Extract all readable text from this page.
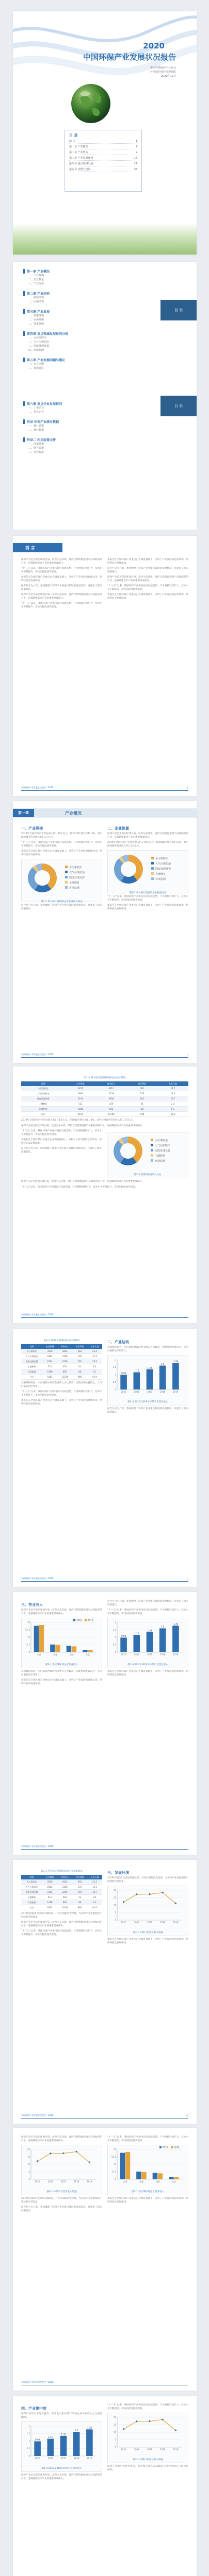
2020
中国环保产业发展状况报告
中国环境保护产业协会
环境保护部环境规划院
2020年12月
目 录
前 言	1
第一章 产业概况	2
第二章 产业结构	9
第三章 产业发展环境	16
第四章 重点领域发展	22
第五章 问题与建议	35
目 录
目 录
第一章 产业概况
一、产业规模
二、企业数量
三、产业分布
第二章 产业结构
一、领域结构
二、区域结构
第三章 产业发展
一、政策环境
二、市场环境
三、技术环境
第四章 重点领域发展状况分析
一、水污染防治
二、大气污染防治
三、固废处理处置
四、环境监测
第五章 产业发展问题与建议
一、存在问题
二、发展建议
第六章 重点企业发展状况
一、上市企业
二、重点企业
附录 环保产业统计数据
一、统计说明
二、统计数据
附录二 相关政策文件
一、国家政策
二、地方政策
三、行业标准
前 言

环保产业是为防治环境污染、改善生态环境、保护自然资源提供产品和服务的产业，是战略性新兴产业的重要组成部分。

“十三五”以来，我国环保产业保持良好发展态势，产业规模持续扩大，技术水平不断提升，市场化程度逐步提高。

本报告在全国环保产业重点企业调查基础上，分析了产业发展的总体状况、结构特征及发展环境。

报告共分为六章，系统梳理了环保产业各重点领域的发展状况，并提出了相关政策建议。

环保产业是为防治环境污染、改善生态环境、保护自然资源提供产品和服务的产业，是战略性新兴产业的重要组成部分。

“十三五”以来，我国环保产业保持良好发展态势，产业规模持续扩大，技术水平不断提升，市场化程度逐步提高。

本报告在全国环保产业重点企业调查基础上，分析了产业发展的总体状况、结构特征及发展环境。

报告共分为六章，系统梳理了环保产业各重点领域的发展状况，并提出了相关政策建议。

环保产业是为防治环境污染、改善生态环境、保护自然资源提供产品和服务的产业，是战略性新兴产业的重要组成部分。

“十三五”以来，我国环保产业保持良好发展态势，产业规模持续扩大，技术水平不断提升，市场化程度逐步提高。

本报告在全国环保产业重点企业调查基础上，分析了产业发展的总体状况、结构特征及发展环境。

中国环保产业发展状况报告（2020）	1
第一章	产业概况
一、产业规模

2019年全国环保产业营业收入约1.78万亿元，较2018年增长约11.3%，其中环境服务营业收入约1.1万亿元。

“十三五”以来，我国环保产业保持良好发展态势，产业规模持续扩大，技术水平不断提升，市场化程度逐步提高。

本报告在全国环保产业重点企业调查基础上，分析了产业发展的总体状况、结构特征及发展环境。

水污染防治
大气污染防治
固废处理处置
土壤修复
环境监测
图1-1 列入统计范围的企业营业收入构成

报告共分为六章，系统梳理了环保产业各重点领域的发展状况，并提出了相关政策建议。

二、企业数量

环保产业是为防治环境污染、改善生态环境、保护自然资源提供产品和服务的产业，是战略性新兴产业的重要组成部分。

2019年全国环保产业营业收入约1.78万亿元，较2018年增长约11.3%，其中环境服务营业收入约1.1万亿元。

水污染防治
大气污染防治
固废处理处置
土壤修复
环境监测
图1-2 列入统计范围的企业数量分布

“十三五”以来，我国环保产业保持良好发展态势，产业规模持续扩大，技术水平不断提升，市场化程度逐步提高。

本报告在全国环保产业重点企业调查基础上，分析了产业发展的总体状况、结构特征及发展环境。

中国环保产业发展状况报告（2020）	3
表1-1 列入统计范围的环保企业基本情况
类别	企业数量	营业收入	营业利润	从业人数
水污染防治	3216	4412	362	21.5
大气污染防治	1862	2158	176	12.3
固废处理处置	2104	3296	291	18.7
土壤修复	512	426	31	2.4
环境监测	1408	892	88	6.1
合计	9102	11184	948	61.0

2019年全国环保产业营业收入约1.78万亿元，较2018年增长约11.3%，其中环境服务营业收入约1.1万亿元。

环保产业是为防治环境污染、改善生态环境、保护自然资源提供产品和服务的产业，是战略性新兴产业的重要组成部分。

“十三五”以来，我国环保产业保持良好发展态势，产业规模持续扩大，技术水平不断提升，市场化程度逐步提高。

本报告在全国环保产业重点企业调查基础上，分析了产业发展的总体状况、结构特征及发展环境。

报告共分为六章，系统梳理了环保产业各重点领域的发展状况，并提出了相关政策建议。

水污染防治
大气污染防治
固废处理处置
土壤修复
环境监测
图1-3 各领域营业收入占比

环保产业是为防治环境污染、改善生态环境、保护自然资源提供产品和服务的产业，是战略性新兴产业的重要组成部分。

“十三五”以来，我国环保产业保持良好发展态势，产业规模持续扩大，技术水平不断提升，市场化程度逐步提高。

中国环保产业发展状况报告（2020）
表2-1 2019年各领域企业经营情况
类别	企业数量	营业收入	营业利润	从业人数
水污染防治	3216	4412	362	21.5
大气污染防治	1862	2158	176	12.3
固废处理处置	2104	3296	291	18.7
土壤修复	512	426	31	2.4
环境监测	1408	892	88	6.1
合计	9102	11184	948	61.0

从领域结构看，水污染防治领域营业收入占比最高，固废处理处置次之，大气污染防治位列第三。

“十三五”以来，我国环保产业保持良好发展态势，产业规模持续扩大，技术水平不断提升，市场化程度逐步提高。

本报告在全国环保产业重点企业调查基础上，分析了产业发展的总体状况、结构特征及发展环境。

二、产业结构

从领域结构看，水污染防治领域营业收入占比最高，固废处理处置次之，大气污染防治位列第三。

0
0.5
1
1.5
2
0.98
2015
1.15
2016
1.35
2017
1.6
2018
1.78
2019
图1-4 2015-2019年环保产业营业收入

报告共分为六章，系统梳理了环保产业各重点领域的发展状况，并提出了相关政策建议。

中国环保产业发展状况报告（2020）	9
三、营业收入

环保产业是为防治环境污染、改善生态环境、保护自然资源提供产品和服务的产业，是战略性新兴产业的重要组成部分。

0
17.5
35
52.5
70
2018	2019
东部	中部	西部	东北
图2-1 各区域环保企业营业收入

从领域结构看，水污染防治领域营业收入占比最高，固废处理处置次之，大气污染防治位列第三。

本报告在全国环保产业重点企业调查基础上，分析了产业发展的总体状况、结构特征及发展环境。

报告共分为六章，系统梳理了环保产业各重点领域的发展状况，并提出了相关政策建议。

“十三五”以来，我国环保产业保持良好发展态势，产业规模持续扩大，技术水平不断提升，市场化程度逐步提高。

0
0.5
1
1.5
2
0.98
2015
1.15
2016
1.35
2017
1.6
2018
1.78
2019
图1-4 2015-2019年环保产业营业收入

本报告在全国环保产业重点企业调查基础上，分析了产业发展的总体状况、结构特征及发展环境。

中国环保产业发展状况报告（2020）
表1-1 列入统计范围的环保企业基本情况
类别	企业数量	营业收入	营业利润	从业人数
水污染防治	3216	4412	362	21.5
大气污染防治	1862	2158	176	12.3
固废处理处置	2104	3296	291	18.7
土壤修复	512	426	31	2.4
环境监测	1408	892	88	6.1
合计	9102	11184	948	61.0

2019年国家出台多项环保政策，打好污染防治攻坚战，为环保产业发展提供了持续的市场需求。

环保产业是为防治环境污染、改善生态环境、保护自然资源提供产品和服务的产业，是战略性新兴产业的重要组成部分。

“十三五”以来，我国环保产业保持良好发展态势，产业规模持续扩大，技术水平不断提升，市场化程度逐步提高。

三、发展环境

2019年国家出台多项环保政策，打好污染防治攻坚战，为环保产业发展提供了持续的市场需求。

0
5
10
15
20
2015	2016	2017	2018	2019
图3-1 环保产业营业收入增速

本报告在全国环保产业重点企业调查基础上，分析了产业发展的总体状况、结构特征及发展环境。

中国环保产业发展状况报告（2020）	16

环保产业是为防治环境污染、改善生态环境、保护自然资源提供产品和服务的产业，是战略性新兴产业的重要组成部分。

0
5
10
15
20
2015	2016	2017	2018	2019
图3-1 环保产业营业收入增速

2019年国家出台多项环保政策，打好污染防治攻坚战，为环保产业发展提供了持续的市场需求。

报告共分为六章，系统梳理了环保产业各重点领域的发展状况，并提出了相关政策建议。

“十三五”以来，我国环保产业保持良好发展态势，产业规模持续扩大，技术水平不断提升，市场化程度逐步提高。

0
17.5
35
52.5
70
2018	2019
东部	中部	西部	东北
图2-1 各区域环保企业营业收入

本报告在全国环保产业重点企业调查基础上，分析了产业发展的总体状况、结构特征及发展环境。

中国环保产业发展状况报告（2020）
四、产业集中度

环保产业集中度逐步提升，营业收入排名前10%的企业营业收入占比超过80%。

0
0.5
1
1.5
2
0.98
2015
1.15
2016
1.35
2017
1.6
2018
1.78
2019
图1-4 2015-2019年环保产业营业收入

环保产业是为防治环境污染、改善生态环境、保护自然资源提供产品和服务的产业，是战略性新兴产业的重要组成部分。

“十三五”以来，我国环保产业保持良好发展态势，产业规模持续扩大，技术水平不断提升，市场化程度逐步提高。

0
5
10
15
20
2015	2016	2017	2018	2019
图3-1 环保产业营业收入增速

环保产业集中度逐步提升，营业收入排名前10%的企业营业收入占比超过80%。
